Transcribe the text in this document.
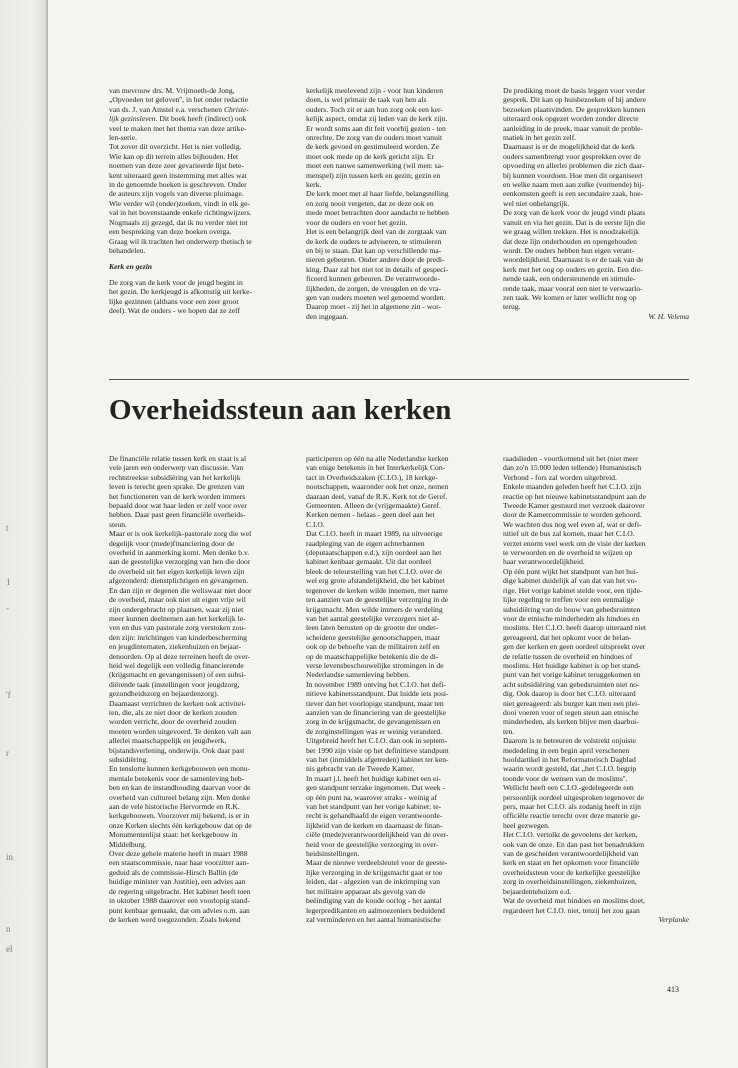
t
1
-
'f
r
in
n
el

van mevrouw drs. M. Vrijmoeth-de Jong,

„Opvoeden tot geloven'', in het onder redactie

van ds. J. van Amstel e.a. verschenen Christe-

lijk gezinsleven. Dit boek heeft (indirect) ook

veel te maken met het thema van deze artike-

len-serie.

Tot zover dit overzicht. Het is niet volledig.

Wie kan op dit terrein alles bijhouden. Het

noemen van deze zeer gevarieerde lijst bete-

kent uiteraard geen instemming met alles wat

in de genoemde boeken is geschreven. Onder

de auteurs zijn vogels van diverse pluimage.

Wie verder wil (onder)zoeken, vindt in elk ge-

val in het bovenstaande enkele richtingwijzers.

Nogmaals zij gezegd, dat ik nu verder niet tot

een bespreking van deze boeken overga.

Graag wil ik trachten het onderwerp thetisch te

behandelen.

Kerk en gezin

De zorg van de kerk voor de jeugd begint in

het gezin. De kerkjeugd is afkomstig uit kerke-

lijke gezinnen (althans voor een zeer groot

deel). Wat de ouders - we hopen dat ze zelf

kerkelijk meelevend zijn - voor hun kinderen

doen, is wel primair de taak van hen als

ouders. Toch zit er aan hun zorg ook een ker-

kelijk aspect, omdat zij leden van de kerk zijn.

Er wordt soms aan dit feit voorbij gezien - ten

onrechte. De zorg van de ouders moet vanuit

de kerk gevoed en gestimuleerd worden. Ze

moet ook mede op de kerk gericht zijn. Er

moet een nauwe samenwerking (wil men: sa-

menspel) zijn tussen kerk en gezin; gezin en

kerk.

De kerk moet met al haar liefde, belangstelling

en zorg nooit vergeten, dat ze deze ook en

mede moet betrachten door aandacht te hebben

voor de ouders en voor het gezin.

Het is een belangrijk deel van de zorgtaak van

de kerk de ouders te adviseren, te stimuleren

en bij te staan. Dat kan op verschillende ma-

nieren gebeuren. Onder andere door de predi-

king. Daar zal het niet tot in details of gespeci-

ficeerd kunnen gebeuren. De verantwoorde-

lijkheden, de zorgen, de vreugden en de vra-

gen van ouders moeten wel genoemd worden.

Daarop moet - zij het in algemene zin - wor-

den ingegaan.

De prediking moet de basis leggen voor verder

gesprek. Dit kan op huisbezoeken of bij andere

bezoeken plaatsvinden. De gesprekken kunnen

uiteraard ook opgezet worden zonder directe

aanleiding in de preek, maar vanuit de proble-

matiek in het gezin zelf.

Daarnaast is er de mogelijkheid dat de kerk

ouders samenbrengt voor gesprekken over de

opvoeding en allerlei problemen die zich daar-

bij kunnen voordoen. Hoe men dit organiseert

en welke naam men aan zulke (vormende) bij-

eenkomsten geeft is een secundaire zaak, hoe-

wel niet onbelangrijk.

De zorg van de kerk voor de jeugd vindt plaats

vanuit en via het gezin. Dat is de eerste lijn die

we graag willen trekken. Het is noodzakelijk

dat deze lijn onderhouden en opengehouden

wordt. De ouders hebben hun eigen verant-

woordelijkheid. Daarnaast is er de taak van de

kerk met het oog op ouders en gezin. Een die-

nende taak, een ondersteunende en stimule-

rende taak, maar vooral een niet te verwaarlo-

zen taak. We komen er later wellicht nog op

terug.

W. H. Velema

Overheidssteun aan kerken

De financiële relatie tussen kerk en staat is al

vele jaren een onderwerp van discussie. Van

rechtstreekse subsidiëring van het kerkelijk

leven is terecht geen sprake. De grenzen van

het functioneren van de kerk worden immers

bepaald door wat haar leden er zelf voor over

hebben. Daar past geen financiële overheids-

steun.

Maar er is ook kerkelijk-pastorale zorg die wel

degelijk voor (mede)financiering door de

overheid in aanmerking komt. Men denke b.v.

aan de geestelijke verzorging van hen die door

de overheid uit het eigen kerkelijk leven zijn

afgezonderd: dienstplichtigen en gevangenen.

En dan zijn er degenen die weliswaar niet door

de overheid, maar ook niet uit eigen vrije wil

zijn ondergebracht op plaatsen, waar zij niet

meer kunnen deelnemen aan het kerkelijk le-

ven en dus van pastorale zorg verstoken zou-

den zijn: inrichtingen van kinderbescherming

en jeugdinternaten, ziekenhuizen en bejaar-

denoorden. Op al deze terreinen heeft de over-

heid wel degelijk een volledig financierende

(krijgsmacht en gevangenissen) of een subsi-

diërende taak (instellingen voor jeugdzorg,

gezondheidszorg en bejaardenzorg).

Daarnaast verrichten de kerken ook activitei-

ten, die, als ze niet door de kerken zouden

worden verricht, door de overheid zouden

moeten worden uitgevoerd. Te denken valt aan

allerlei maatschappelijk en jeugdwerk,

bijstandsverlening, onderwijs. Ook daar past

subsidiëring.

En tenslotte kunnen kerkgebouwen een monu-

mentale betekenis voor de samenleving heb-

ben en kan de instandhouding daarvan voor de

overheid van cultureel belang zijn. Men denke

aan de vele historische Hervormde en R.K.

kerkgebouwen. Voorzover mij bekend, is er in

onze Kerken slechts één kerkgebouw dat op de

Monumentenlijst staat: het kerkgebouw in

Middelburg.

Over deze gehele materie heeft in maart 1988

een staatscommissie, naar haar voorzitter aan-

geduid als de commissie-Hirsch Ballin (de

huidige minister van Justitie), een advies aan

de regering uitgebracht. Het kabinet heeft toen

in oktober 1988 daarover een voorlopig stand-

punt kenbaar gemaakt, dat om advies o.m. aan

de kerken werd toegezonden. Zoals bekend

participeren op één na alle Nederlandse kerken

van enige betekenis in het Interkerkelijk Con-

tact in Overheidszaken (C.I.O.), 18 kerkge-

nootschappen, waaronder ook het onze, nemen

daaraan deel, vanaf de R.K. Kerk tot de Geref.

Gemeenten. Alleen de (vrijgemaakte) Geref.

Kerken nemen - helaas - geen deel aan het

C.I.O.

Dat C.I.O. heeft in maart 1989, na uitvoerige

raadpleging van de eigen achterbannen

(deputaatschappen e.d.), zijn oordeel aan het

kabinet kenbaar gemaakt. Uit dat oordeel

bleek de teleurstelling van het C.I.O. over de

wel erg grote afstandelijkheid, die het kabinet

tegenover de kerken wilde innemen, met name

ten aanzien van de geestelijke verzorging in de

krijgsmacht. Men wilde immers de verdeling

van het aantal geestelijke verzorgers niet al-

leen laten berusten op de grootte der onder-

scheidene geestelijke genootschappen, maar

ook op de behoefte van de militairen zelf en

op de maatschappelijke betekenis die de di-

verse levensbeschouwelijke stromingen in de

Nederlandse samenleving hebben.

In november 1989 ontving het C.I.O. het defi-

nitieve kabinetsstandpunt. Dat luidde iets posi-

tiever dan het voorlopige standpunt, maar ten

aanzien van de financiering van de geestelijke

zorg in de krijgsmacht, de gevangenissen en

de zorginstellingen was er weinig veranderd.

Uitgebreid heeft het C.I.O. dan ook in septem-

ber 1990 zijn visie op het definitieve standpunt

van het (inmiddels afgetreden) kabinet ter ken-

nis gebracht van de Tweede Kamer.

In maart j.l. heeft het huidige kabinet een ei-

gen standpunt terzake ingenomen. Dat week -

op één punt na, waarover straks - weinig af

van het standpunt van het vorige kabinet: te-

recht is gehandhaafd de eigen verantwoorde-

lijkheid van de kerken en daarnaast de finan-

ciële (mede)verantwoordelijkheid van de over-

heid voor de geestelijke verzorging in over-

heidsinstellingen.

Maar de nieuwe verdeelsleutel voor de geeste-

lijke verzorging in de krijgsmacht gaat er toe

leiden, dat - afgezien van de inkrimping van

het militaire apparaat als gevolg van de

beëindiging van de koude oorlog - het aantal

legerpredikanten en aalmoezeniers beduidend

zal verminderen en het aantal humanistische

raadslieden - voortkomend uit het (niet meer

dan zo'n 15.000 leden tellende) Humanistisch

Verbond - fors zal worden uitgebreid.

Enkele maanden geleden heeft het C.I.O. zijn

reactie op het nieuwe kabinetsstandpunt aan de

Tweede Kamer gestuurd met verzoek daarover

door de Kamercommissie te worden gehoord.

We wachten dus nog wel even af, wat er defi-

nitief uit de bus zal komen, maar het C.I.O.

verzet enorm veel werk om de visie der kerken

te verwoorden en de overheid te wijzen op

haar verantwoordelijkheid.

Op één punt wijkt het standpunt van het hui-

dige kabinet duidelijk af van dat van het vo-

rige. Het vorige kabinet stelde voor, een tijde-

lijke regeling te treffen voor een eenmalige

subsidiëring van de bouw van gebedsruimten

voor de etnische minderheden als hindoes en

moslims. Het C.I.O. heeft daarop uiteraard niet

gereageerd, dat het opkomt voor de belan-

gen der kerken en geen oordeel uitspreekt over

de relatie tussen de overheid en hindoes of

moslims. Het huidige kabinet is op het stand-

punt van het vorige kabinet teruggekomen en

acht subsidiëring van gebedsruimten niet no-

dig. Ook daarop is door het C.I.O. uiteraard

niet gereageerd: als burger kan men een plei-

dooi voeren voor of tegen steun aan etnische

minderheden, als kerken blijve men daarbui-

ten.

Daarom is te betreuren de volstrekt onjuiste

mededeling in een begin april verschenen

hoofdartikel in het Reformatorisch Dagblad

waarin wordt gesteld, dat „het C.I.O. begrip

toonde voor de wensen van de moslims''.

Wellicht heeft een C.I.O.-gedelegeerde een

persoonlijk oordeel uitgesproken tegenover de

pers, maar het C.I.O. als zodanig heeft in zijn

officiële reactie terecht over deze materie ge-

heel gezwegen.

Het C.I.O. vertolkt de gevoelens der kerken,

ook van de onze. En dan past het benadrukken

van de gescheiden verantwoordelijkheid van

kerk en staat en het opkomen voor financiële

overheidssteun voor de kerkelijke geestelijke

zorg in overheidsinstellingen, ziekenhuizen,

bejaardentehuizen e.d.

Wat de overheid met hindoes en moslims doet,

regardeert het C.I.O. niet, tenzij het zou gaan

Verplanke

413
